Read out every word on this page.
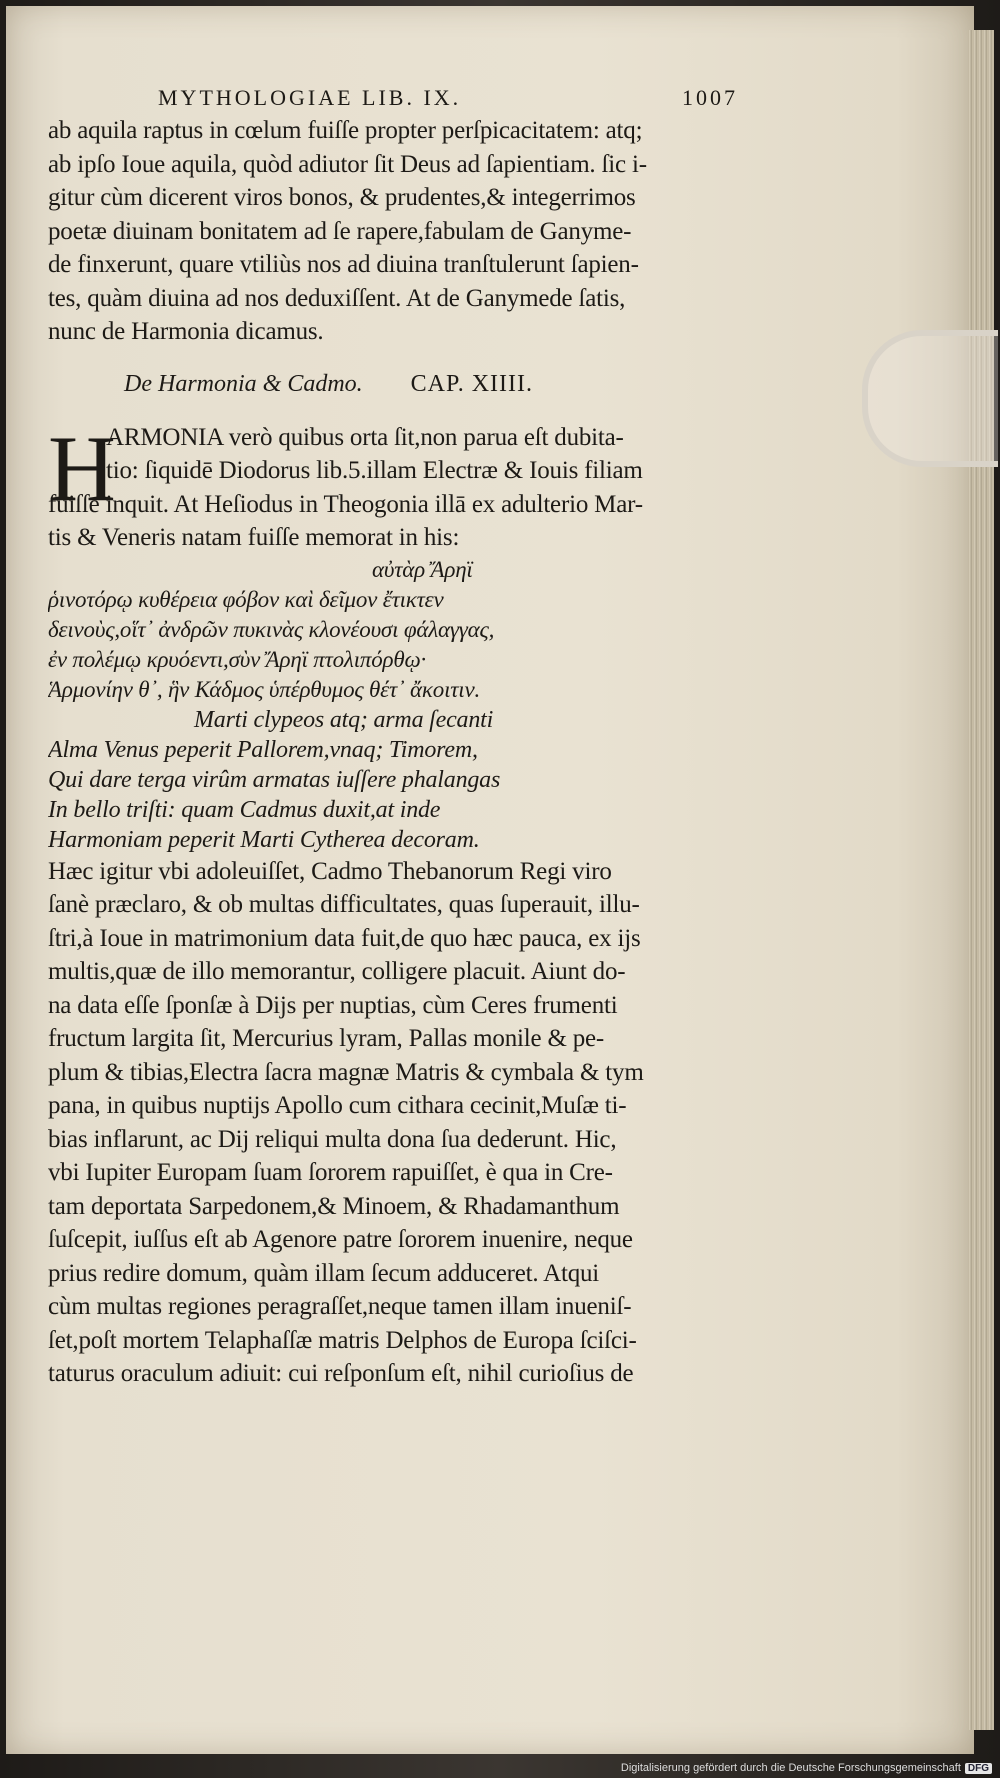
MYTHOLOGIAE LIB. IX.	1007
ab aquila raptus in cœlum fuiſſe propter perſpicacitatem: atq;
ab ipſo Ioue aquila, quòd adiutor ſit Deus ad ſapientiam. ſic i-
gitur cùm dicerent viros bonos, & prudentes,& integerrimos
poetæ diuinam bonitatem ad ſe rapere,fabulam de Ganyme-
de finxerunt, quare vtiliùs nos ad diuina tranſtulerunt ſapien-
tes, quàm diuina ad nos deduxiſſent. At de Ganymede ſatis,
nunc de Harmonia dicamus.
De Harmonia & Cadmo. CAP. XIIII.
H
ARMONIA verò quibus orta ſit,non parua eſt dubita-
tio: ſiquidē Diodorus lib.5.illam Electræ & Iouis filiam
fuiſſe inquit. At Heſiodus in Theogonia illā ex adulterio Mar-
tis & Veneris natam fuiſſe memorat in his:
αὐτὰρ Ἄρηϊ
ῥινοτόρῳ κυθέρεια φόβον καὶ δεῖμον ἔτικτεν
δεινοὺς,οἵτ᾽ ἀνδρῶν πυκινὰς κλονέουσι φάλαγγας,
ἐν πολέμῳ κρυόεντι,σὺν Ἄρηϊ πτολιπόρθῳ·
Ἁρμονίην θ᾽, ἣν Κάδμος ὑπέρθυμος θέτ᾽ ἄκοιτιν.
Marti clypeos atq; arma ſecanti
Alma Venus peperit Pallorem,vnaq; Timorem,
Qui dare terga virûm armatas iuſſere phalangas
In bello triſti: quam Cadmus duxit,at inde
Harmoniam peperit Marti Cytherea decoram.
Hæc igitur vbi adoleuiſſet, Cadmo Thebanorum Regi viro
ſanè præclaro, & ob multas difficultates, quas ſuperauit, illu-
ſtri,à Ioue in matrimonium data fuit,de quo hæc pauca, ex ijs
multis,quæ de illo memorantur, colligere placuit. Aiunt do-
na data eſſe ſponſæ à Dijs per nuptias, cùm Ceres frumenti
fructum largita ſit, Mercurius lyram, Pallas monile & pe-
plum & tibias,Electra ſacra magnæ Matris & cymbala & tym
pana, in quibus nuptijs Apollo cum cithara cecinit,Muſæ ti-
bias inflarunt, ac Dij reliqui multa dona ſua dederunt. Hic,
vbi Iupiter Europam ſuam ſororem rapuiſſet, è qua in Cre-
tam deportata Sarpedonem,& Minoem, & Rhadamanthum
ſuſcepit, iuſſus eſt ab Agenore patre ſororem inuenire, neque
prius redire domum, quàm illam ſecum adduceret. Atqui
cùm multas regiones peragraſſet,neque tamen illam inueniſ-
ſet,poſt mortem Telaphaſſæ matris Delphos de Europa ſciſci-
taturus oraculum adiuit: cui reſponſum eſt, nihil curioſius de
Digitalisierung gefördert durch die Deutsche Forschungsgemeinschaft DFG
